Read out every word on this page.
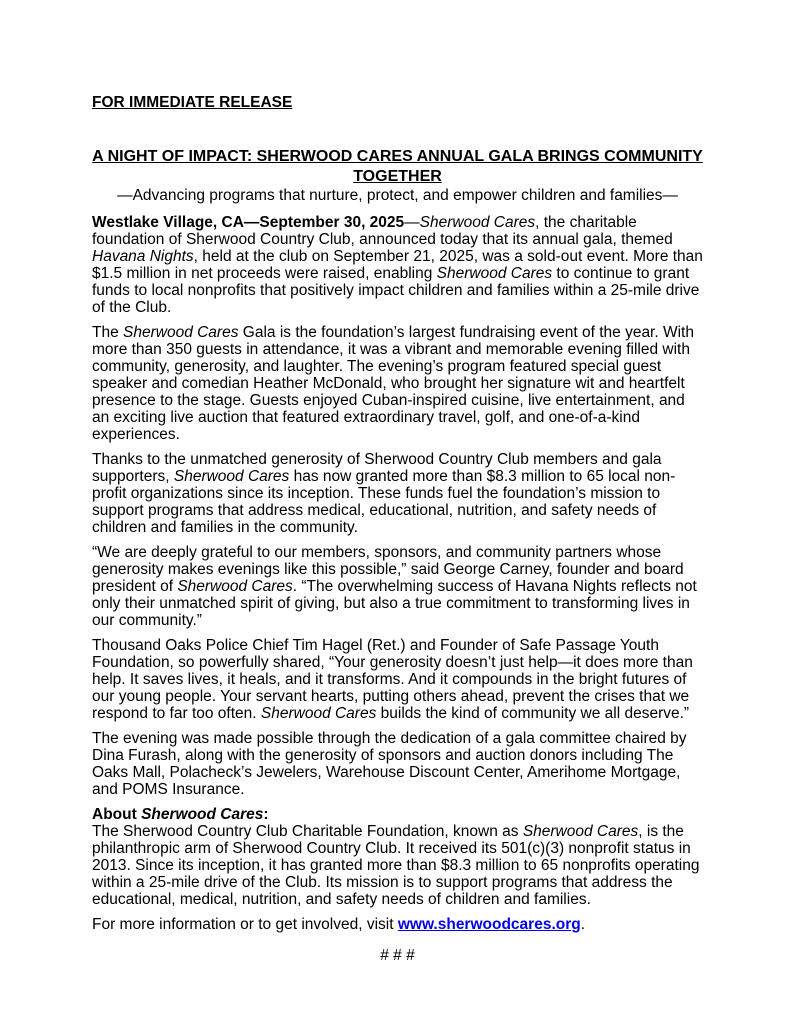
FOR IMMEDIATE RELEASE
A NIGHT OF IMPACT: SHERWOOD CARES ANNUAL GALA BRINGS COMMUNITY TOGETHER
—Advancing programs that nurture, protect, and empower children and families—

Westlake Village, CA—September 30, 2025—Sherwood Cares, the charitable foundation of Sherwood Country Club, announced today that its annual gala, themed Havana Nights, held at the club on September 21, 2025, was a sold-out event. More than $1.5 million in net proceeds were raised, enabling Sherwood Cares to continue to grant funds to local nonprofits that positively impact children and families within a 25-mile drive of the Club.

The Sherwood Cares Gala is the foundation’s largest fundraising event of the year. With more than 350 guests in attendance, it was a vibrant and memorable evening filled with community, generosity, and laughter. The evening’s program featured special guest speaker and comedian Heather McDonald, who brought her signature wit and heartfelt presence to the stage. Guests enjoyed Cuban-inspired cuisine, live entertainment, and an exciting live auction that featured extraordinary travel, golf, and one-of-a-kind experiences.

Thanks to the unmatched generosity of Sherwood Country Club members and gala supporters, Sherwood Cares has now granted more than $8.3 million to 65 local non-profit organizations since its inception. These funds fuel the foundation’s mission to support programs that address medical, educational, nutrition, and safety needs of children and families in the community.

“We are deeply grateful to our members, sponsors, and community partners whose generosity makes evenings like this possible,” said George Carney, founder and board president of Sherwood Cares. “The overwhelming success of Havana Nights reflects not only their unmatched spirit of giving, but also a true commitment to transforming lives in our community.”

Thousand Oaks Police Chief Tim Hagel (Ret.) and Founder of Safe Passage Youth Foundation, so powerfully shared, “Your generosity doesn’t just help—it does more than help. It saves lives, it heals, and it transforms. And it compounds in the bright futures of our young people. Your servant hearts, putting others ahead, prevent the crises that we respond to far too often. Sherwood Cares builds the kind of community we all deserve.”

The evening was made possible through the dedication of a gala committee chaired by Dina Furash, along with the generosity of sponsors and auction donors including The Oaks Mall, Polacheck’s Jewelers, Warehouse Discount Center, Amerihome Mortgage, and POMS Insurance.

About Sherwood Cares:

The Sherwood Country Club Charitable Foundation, known as Sherwood Cares, is the philanthropic arm of Sherwood Country Club. It received its 501(c)(3) nonprofit status in 2013. Since its inception, it has granted more than $8.3 million to 65 nonprofits operating within a 25-mile drive of the Club. Its mission is to support programs that address the educational, medical, nutrition, and safety needs of children and families.

For more information or to get involved, visit www.sherwoodcares.org.

# # #
